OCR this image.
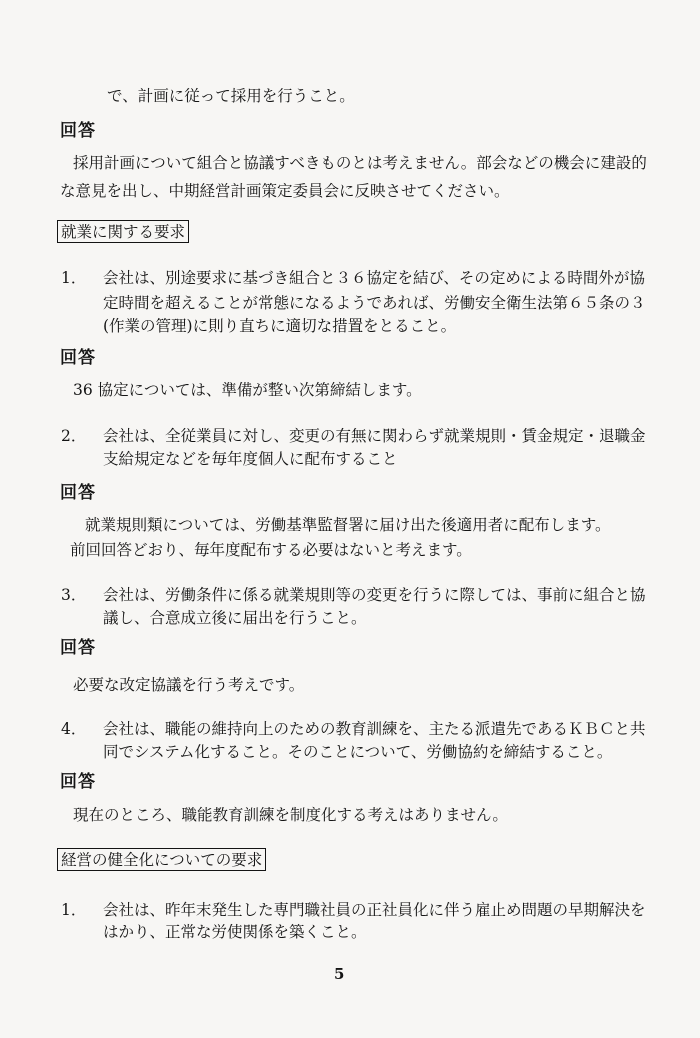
で、計画に従って採用を行うこと。
回答
採用計画について組合と協議すべきものとは考えません。部会などの機会に建設的
な意見を出し、中期経営計画策定委員会に反映させてください。
就業に関する要求
1． 会社は、別途要求に基づき組合と３６協定を結び、その定めによる時間外が協
定時間を超えることが常態になるようであれば、労働安全衛生法第６５条の３
(作業の管理)に則り直ちに適切な措置をとること。
回答
36 協定については、準備が整い次第締結します。
2． 会社は、全従業員に対し、変更の有無に関わらず就業規則・賃金規定・退職金
支給規定などを毎年度個人に配布すること
回答
就業規則類については、労働基準監督署に届け出た後適用者に配布します。
前回回答どおり、毎年度配布する必要はないと考えます。
3． 会社は、労働条件に係る就業規則等の変更を行うに際しては、事前に組合と協
議し、合意成立後に届出を行うこと。
回答
必要な改定協議を行う考えです。
4． 会社は、職能の維持向上のための教育訓練を、主たる派遣先であるＫＢＣと共
同でシステム化すること。そのことについて、労働協約を締結すること。
回答
現在のところ、職能教育訓練を制度化する考えはありません。
経営の健全化についての要求
1． 会社は、昨年末発生した専門職社員の正社員化に伴う雇止め問題の早期解決を
はかり、正常な労使関係を築くこと。
5
